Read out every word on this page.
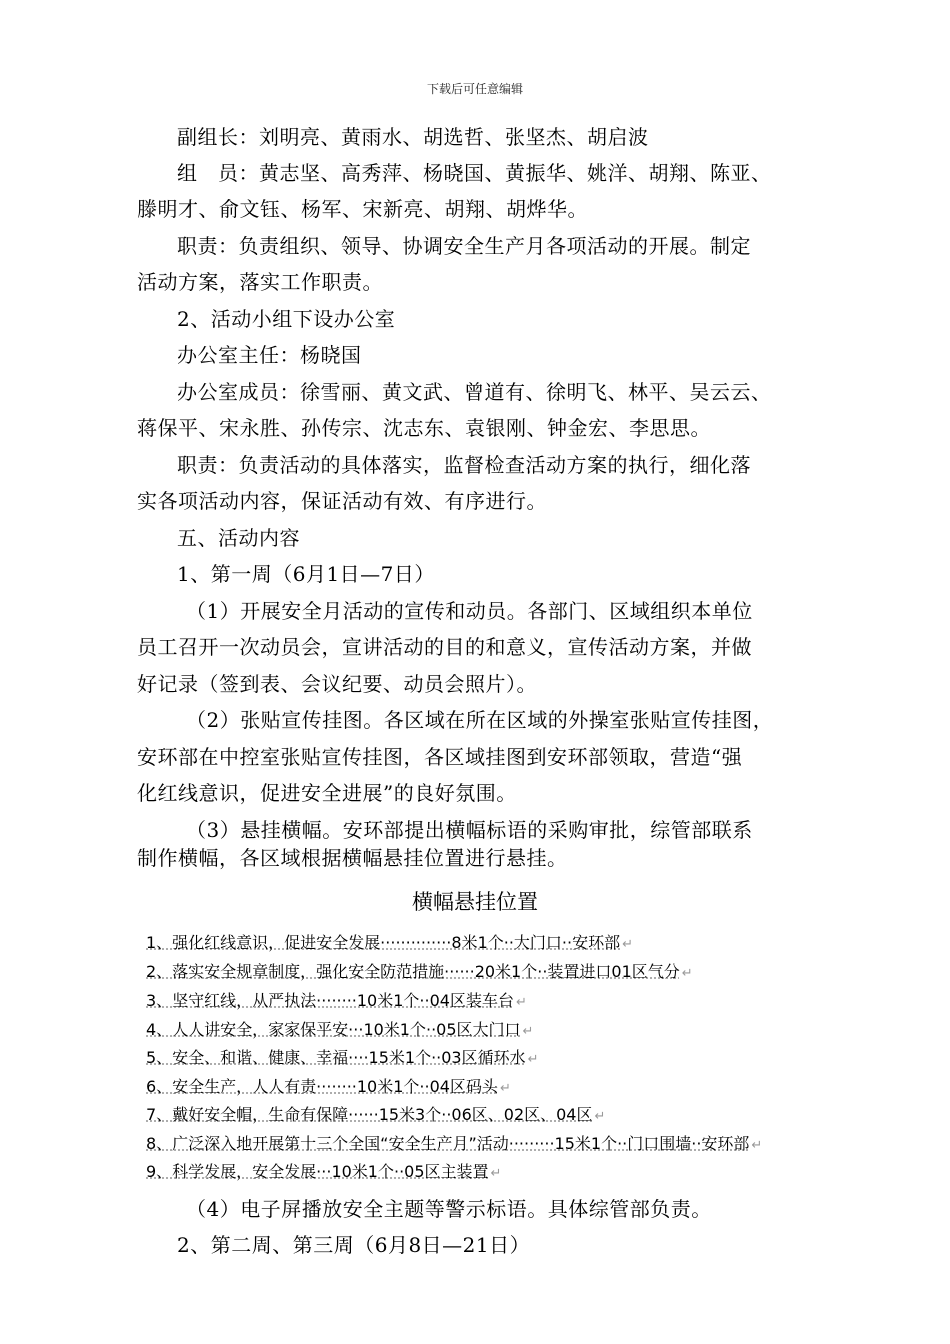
下载后可任意编辑
副组长：刘明亮、黄雨水、胡选哲、张坚杰、胡启波
组　员：黄志坚、高秀萍、杨晓国、黄振华、姚洋、胡翔、陈亚、
滕明才、俞文钰、杨军、宋新亮、胡翔、胡烨华。
职责：负责组织、领导、协调安全生产月各项活动的开展。制定
活动方案，落实工作职责。
2、活动小组下设办公室
办公室主任：杨晓国
办公室成员：徐雪丽、黄文武、曾道有、徐明飞、林平、吴云云、
蒋保平、宋永胜、孙传宗、沈志东、袁银刚、钟金宏、李思思。
职责：负责活动的具体落实，监督检查活动方案的执行，细化落
实各项活动内容，保证活动有效、有序进行。
五、活动内容
1、第一周（6月1日—7日）
（1）开展安全月活动的宣传和动员。各部门、区域组织本单位
员工召开一次动员会，宣讲活动的目的和意义，宣传活动方案，并做
好记录（签到表、会议纪要、动员会照片）。
（2）张贴宣传挂图。各区域在所在区域的外操室张贴宣传挂图，
安环部在中控室张贴宣传挂图，各区域挂图到安环部领取，营造“强
化红线意识，促进安全进展”的良好氛围。
（3）悬挂横幅。安环部提出横幅标语的采购审批，综管部联系
制作横幅，各区域根据横幅悬挂位置进行悬挂。
横幅悬挂位置
1、强化红线意识，促进安全发展··············8米1个··大门口··安环部 ↵
2、落实安全规章制度，强化安全防范措施······20米1个··装置进口01区气分 ↵
3、坚守红线，从严执法········10米1个··04区装车台 ↵
4、人人讲安全，家家保平安···10米1个··05区大门口 ↵
5、安全、和谐、健康、幸福····15米1个··03区循环水 ↵
6、安全生产，人人有责········10米1个··04区码头 ↵
7、戴好安全帽，生命有保障······15米3个··06区、02区、04区 ↵
8、广泛深入地开展第十三个全国“安全生产月”活动·········15米1个··门口围墙··安环部 ↵
9、科学发展，安全发展···10米1个··05区主装置 ↵
（4）电子屏播放安全主题等警示标语。具体综管部负责。
2、第二周、第三周（6月8日—21日）
